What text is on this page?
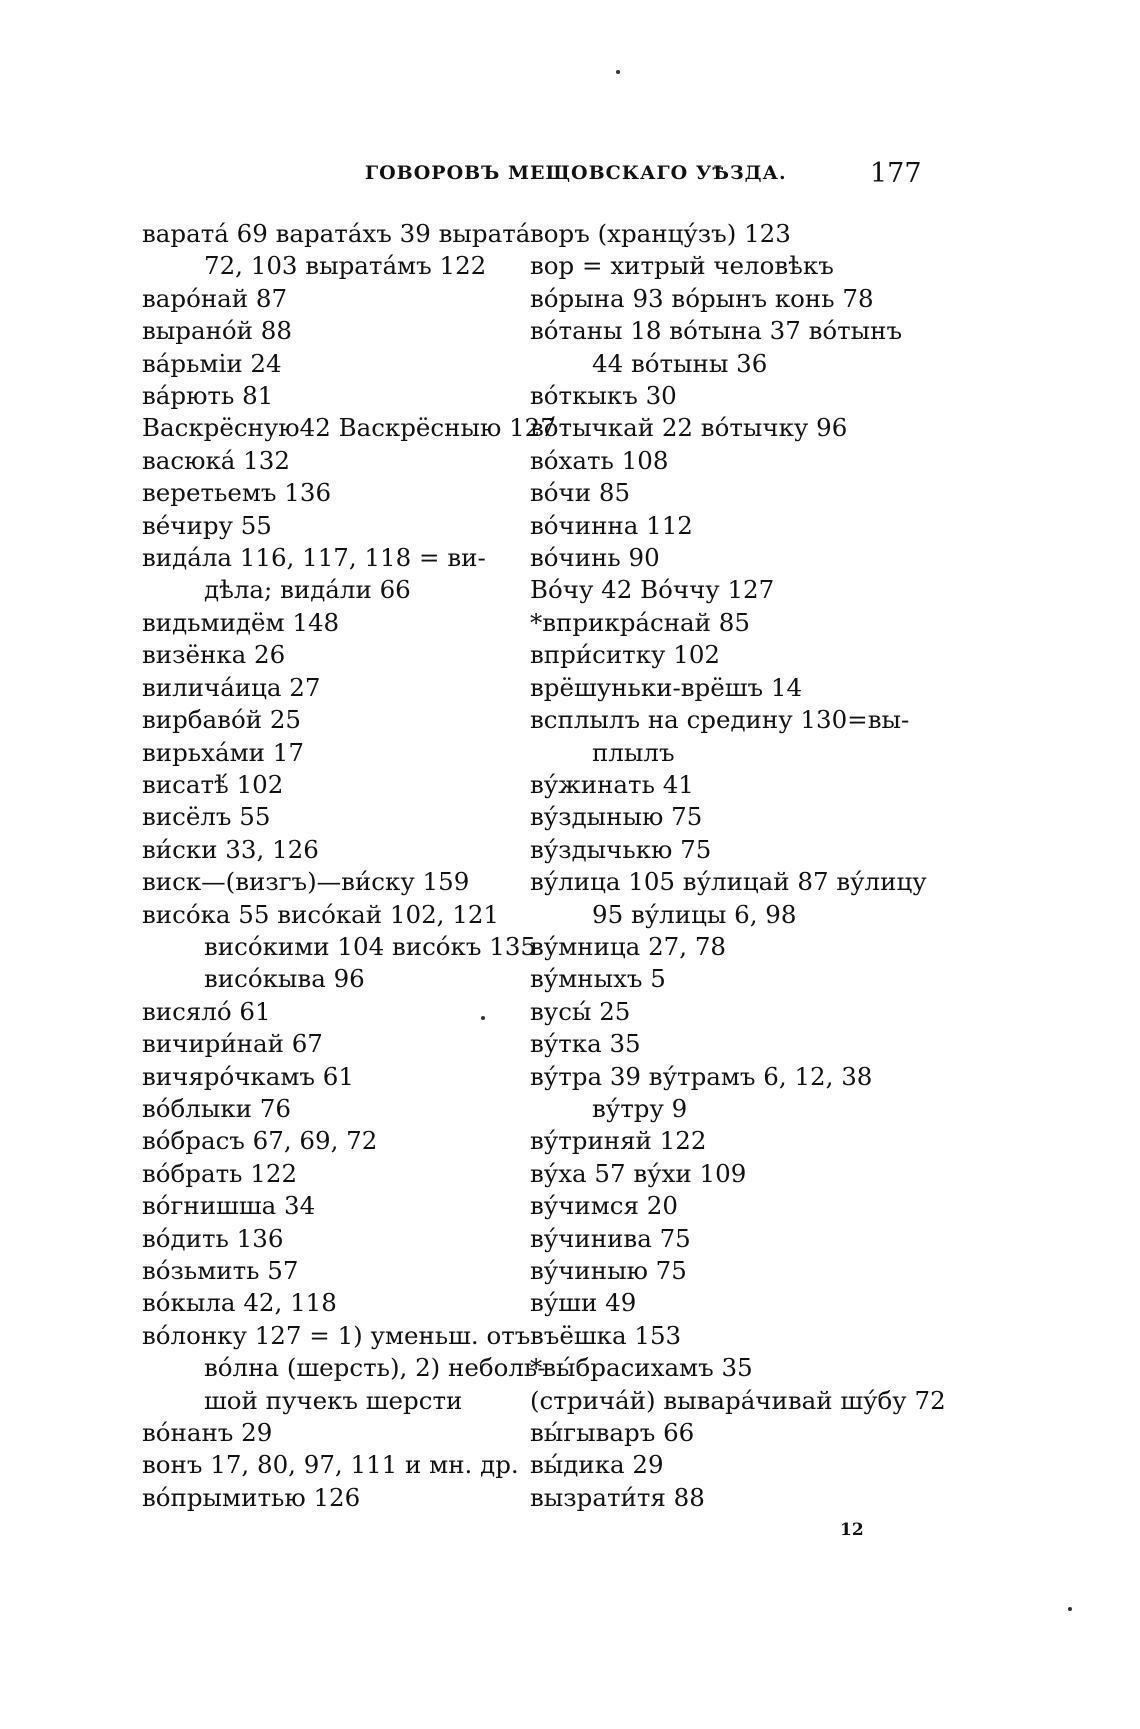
ГОВОРОВЪ МЕЩОВСКАГО УѢЗДА.	177
варатá 69 варатáхъ 39 вырата́
72, 103 выратáмъ 122
варóнай 87
выранóй 88
вáрьміи 24
вáрють 81
Васкрёсную42 Васкрёсныю 127
васюкá 132
веретьемъ 136
вéчиру 55
видáла 116, 117, 118 = ви-
дѣла; видáли 66
видьмидём 148
визёнка 26
виличáица 27
вирбавóй 25
вирьхáми 17
висатѣ́ 102
висёлъ 55
ви́ски 33, 126
виск—(визгъ)—ви́ску 159
висóка 55 висóкай 102, 121
висóкими 104 висóкъ 135
висóкыва 96
висялó 61
вичири́най 67
вичярóчкамъ 61
вóблыки 76
вóбрасъ 67, 69, 72
вóбрать 122
вóгнишша 34
вóдить 136
вóзьмить 57
вóкыла 42, 118
вóлонку 127 = 1) уменьш. отъ
вóлна (шерсть), 2) неболь-
шой пучекъ шерсти
вóнанъ 29
вонъ 17, 80, 97, 111 и мн. др.
вóпрымитью 126
воръ (хранцу́зъ) 123
вор = хитрый человѣкъ
вóрына 93 вóрынъ конь 78
вóтаны 18 вóтына 37 вóтынъ
44 вóтыны 36
вóткыкъ 30
вóтычкай 22 вóтычку 96
вóхать 108
вóчи 85
вóчинна 112
вóчинь 90
Вóчу 42 Вóччу 127
*вприкрáснай 85
впри́ситку 102
врёшуньки-врёшъ 14
всплылъ на средину 130=вы-
плылъ
ву́жинать 41
ву́здыныю 75
ву́здычькю 75
ву́лица 105 ву́лицай 87 ву́лицу
95 ву́лицы 6, 98
ву́мница 27, 78
ву́мныхъ 5
вусы́ 25
ву́тка 35
ву́тра 39 ву́трамъ 6, 12, 38
ву́тру 9
ву́триняй 122
ву́ха 57 ву́хи 109
ву́чимся 20
ву́чинива 75
ву́чиныю 75
ву́ши 49
въёшка 153
*вы́брасихамъ 35
(стричáй) выварáчивай шу́бу 72
вы́гываръ 66
вы́дика 29
вызрати́тя 88
12
